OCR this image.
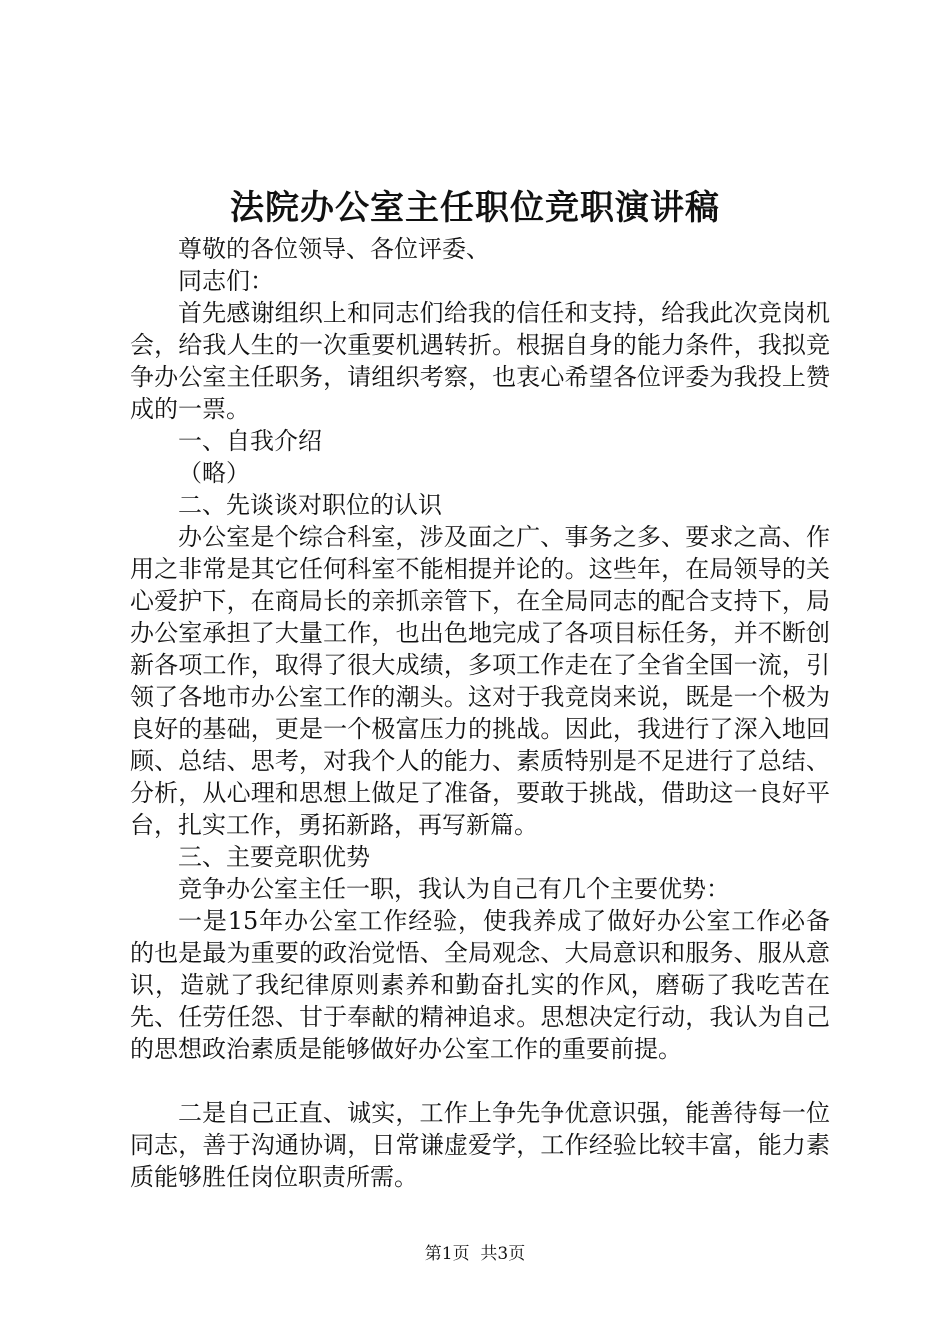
法院办公室主任职位竞职演讲稿

尊敬的各位领导、各位评委、

同志们：

首先感谢组织上和同志们给我的信任和支持，给我此次竞岗机会，给我人生的一次重要机遇转折。根据自身的能力条件，我拟竞争办公室主任职务，请组织考察，也衷心希望各位评委为我投上赞成的一票。

一、自我介绍

（略）

二、先谈谈对职位的认识

办公室是个综合科室，涉及面之广、事务之多、要求之高、作用之非常是其它任何科室不能相提并论的。这些年，在局领导的关心爱护下，在商局长的亲抓亲管下，在全局同志的配合支持下，局办公室承担了大量工作，也出色地完成了各项目标任务，并不断创新各项工作，取得了很大成绩，多项工作走在了全省全国一流，引领了各地市办公室工作的潮头。这对于我竞岗来说，既是一个极为良好的基础，更是一个极富压力的挑战。因此，我进行了深入地回顾、总结、思考，对我个人的能力、素质特别是不足进行了总结、分析，从心理和思想上做足了准备，要敢于挑战，借助这一良好平台，扎实工作，勇拓新路，再写新篇。

三、主要竞职优势

竞争办公室主任一职，我认为自己有几个主要优势：

一是15年办公室工作经验，使我养成了做好办公室工作必备的也是最为重要的政治觉悟、全局观念、大局意识和服务、服从意识，造就了我纪律原则素养和勤奋扎实的作风，磨砺了我吃苦在先、任劳任怨、甘于奉献的精神追求。思想决定行动，我认为自己的思想政治素质是能够做好办公室工作的重要前提。

二是自己正直、诚实，工作上争先争优意识强，能善待每一位同志，善于沟通协调，日常谦虚爱学，工作经验比较丰富，能力素质能够胜任岗位职责所需。

第1页  共3页
